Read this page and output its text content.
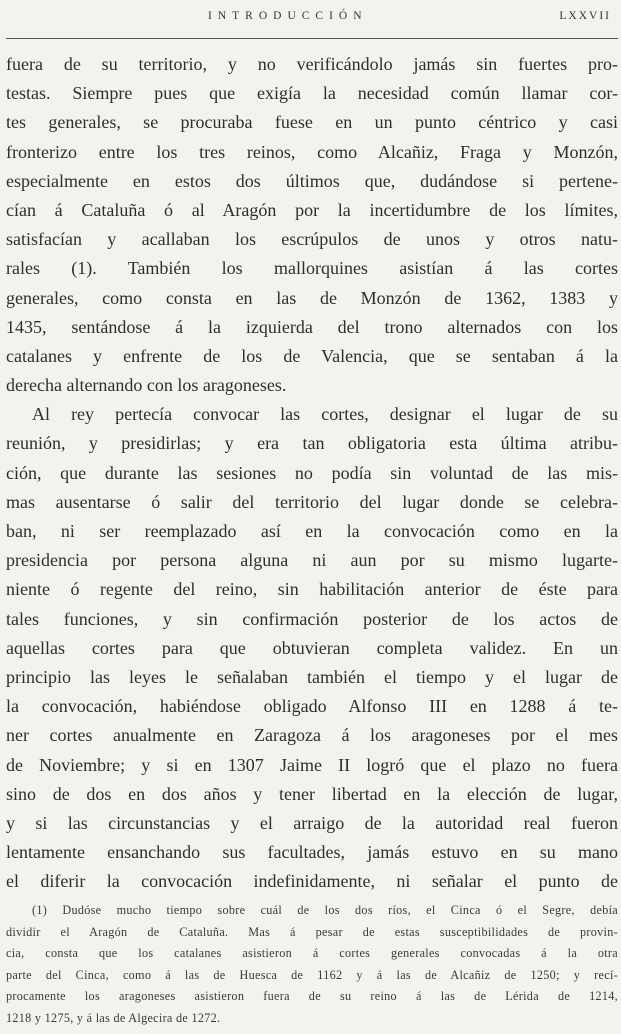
INTRODUCCIÓN	LXXVII
fuera de su territorio, y no verificándolo jamás sin fuertes pro-
testas. Siempre pues que exigía la necesidad común llamar cor-
tes generales, se procuraba fuese en un punto céntrico y casi
fronterizo entre los tres reinos, como Alcañiz, Fraga y Monzón,
especialmente en estos dos últimos que, dudándose si pertene-
cían á Cataluña ó al Aragón por la incertidumbre de los límites,
satisfacían y acallaban los escrúpulos de unos y otros natu-
rales (1). También los mallorquines asistían á las cortes
generales, como consta en las de Monzón de 1362, 1383 y
1435, sentándose á la izquierda del trono alternados con los
catalanes y enfrente de los de Valencia, que se sentaban á la
derecha alternando con los aragoneses.
Al rey pertecía convocar las cortes, designar el lugar de su
reunión, y presidirlas; y era tan obligatoria esta última atribu-
ción, que durante las sesiones no podía sin voluntad de las mis-
mas ausentarse ó salir del territorio del lugar donde se celebra-
ban, ni ser reemplazado así en la convocación como en la
presidencia por persona alguna ni aun por su mismo lugarte-
niente ó regente del reino, sin habilitación anterior de éste para
tales funciones, y sin confirmación posterior de los actos de
aquellas cortes para que obtuvieran completa validez. En un
principio las leyes le señalaban también el tiempo y el lugar de
la convocación, habiéndose obligado Alfonso III en 1288 á te-
ner cortes anualmente en Zaragoza á los aragoneses por el mes
de Noviembre; y si en 1307 Jaime II logró que el plazo no fuera
sino de dos en dos años y tener libertad en la elección de lugar,
y si las circunstancias y el arraigo de la autoridad real fueron
lentamente ensanchando sus facultades, jamás estuvo en su mano
el diferir la convocación indefinidamente, ni señalar el punto de
(1) Dudóse mucho tiempo sobre cuál de los dos ríos, el Cinca ó el Segre, debía
dividir el Aragón de Cataluña. Mas á pesar de estas susceptibilidades de provin-
cia, consta que los catalanes asistieron á cortes generales convocadas á la otra
parte del Cinca, como á las de Huesca de 1162 y á las de Alcañiz de 1250; y recí-
procamente los aragoneses asistieron fuera de su reino á las de Lérida de 1214,
1218 y 1275, y á las de Algecira de 1272.
